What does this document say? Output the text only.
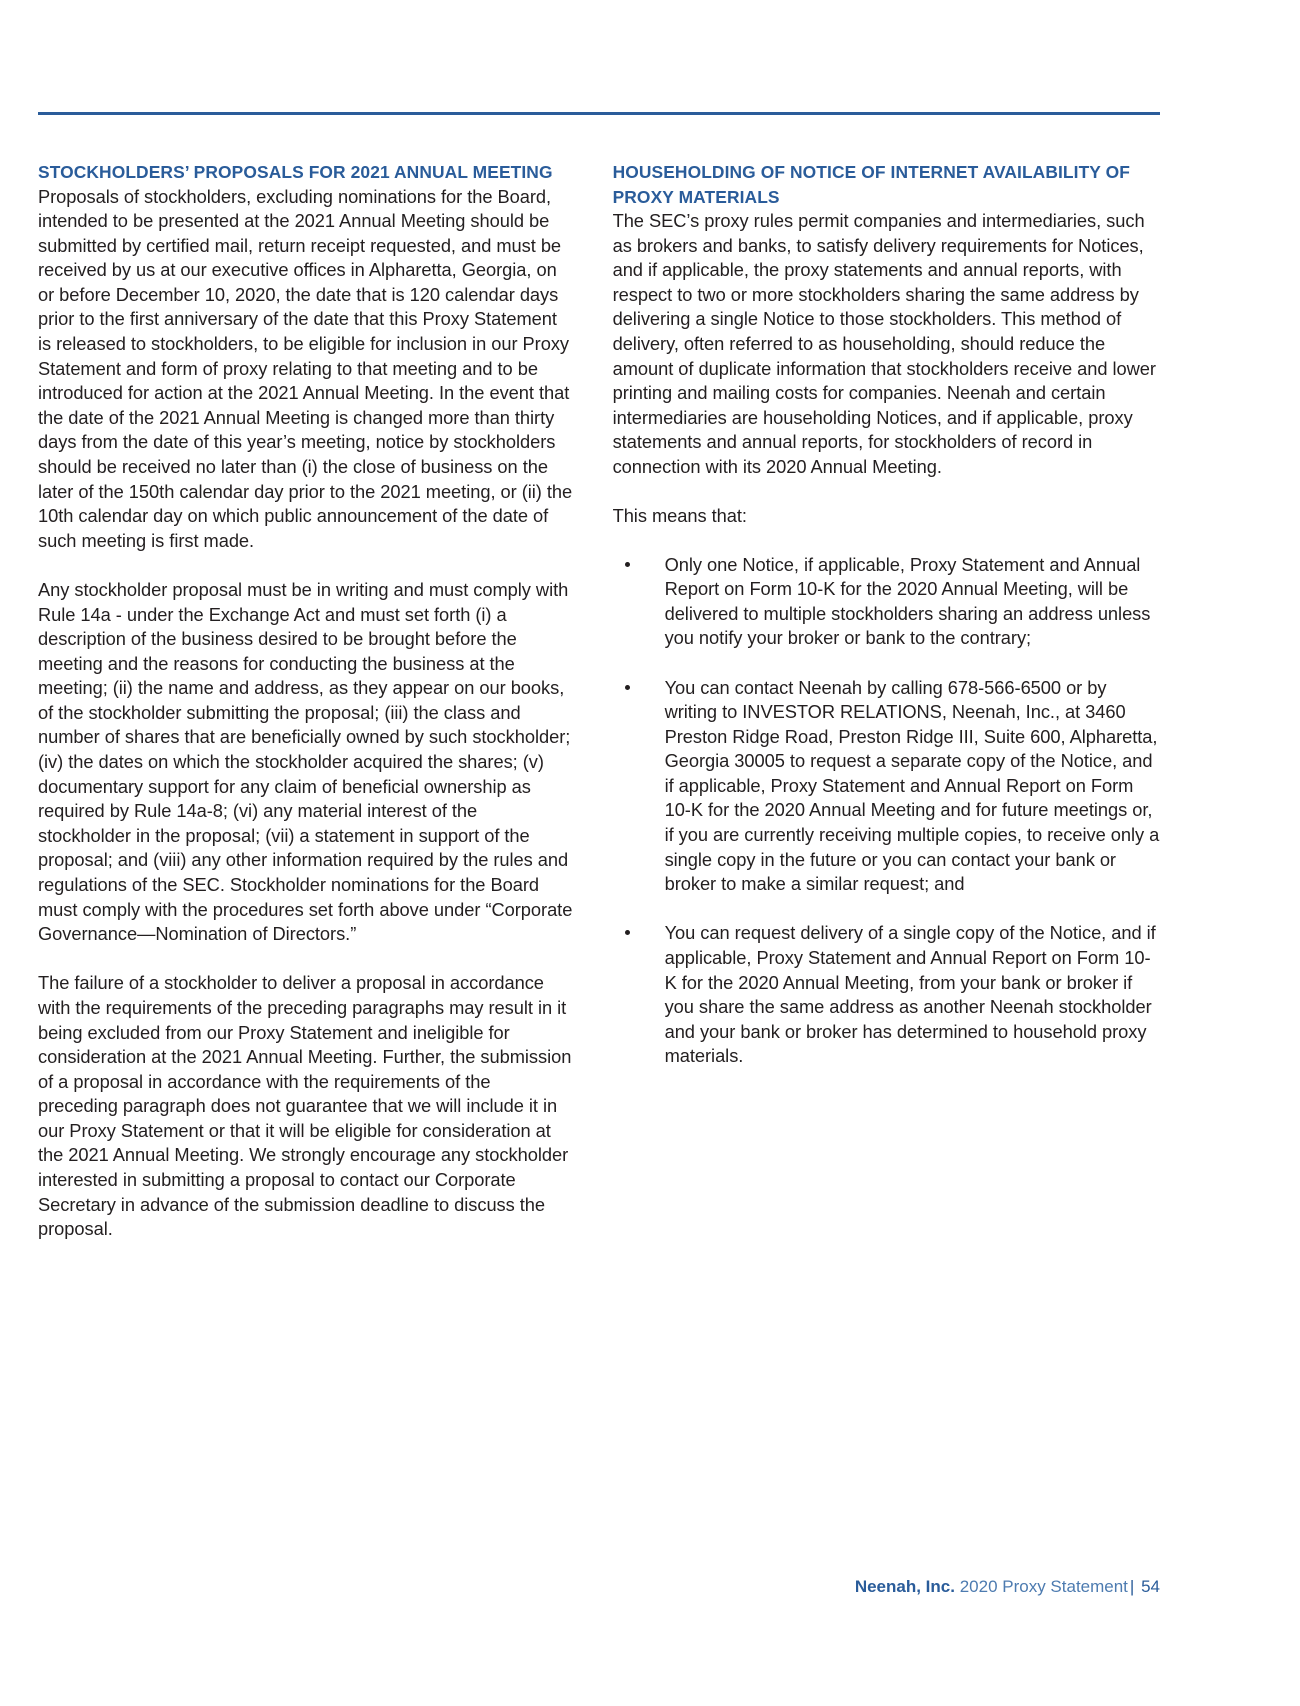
STOCKHOLDERS’ PROPOSALS FOR 2021 ANNUAL MEETING

Proposals of stockholders, excluding nominations for the Board, intended to be presented at the 2021 Annual Meeting should be submitted by certified mail, return receipt requested, and must be received by us at our executive offices in Alpharetta, Georgia, on or before December 10, 2020, the date that is 120 calendar days prior to the first anniversary of the date that this Proxy Statement is released to stockholders, to be eligible for inclusion in our Proxy Statement and form of proxy relating to that meeting and to be introduced for action at the 2021 Annual Meeting. In the event that the date of the 2021 Annual Meeting is changed more than thirty days from the date of this year’s meeting, notice by stockholders should be received no later than (i) the close of business on the later of the 150th calendar day prior to the 2021 meeting, or (ii) the 10th calendar day on which public announcement of the date of such meeting is first made.

Any stockholder proposal must be in writing and must comply with Rule 14a - under the Exchange Act and must set forth (i) a description of the business desired to be brought before the meeting and the reasons for conducting the business at the meeting; (ii) the name and address, as they appear on our books, of the stockholder submitting the proposal; (iii) the class and number of shares that are beneficially owned by such stockholder; (iv) the dates on which the stockholder acquired the shares; (v) documentary support for any claim of beneficial ownership as required by Rule 14a-8; (vi) any material interest of the stockholder in the proposal; (vii) a statement in support of the proposal; and (viii) any other information required by the rules and regulations of the SEC. Stockholder nominations for the Board must comply with the procedures set forth above under “Corporate Governance—Nomination of Directors.”

The failure of a stockholder to deliver a proposal in accordance with the requirements of the preceding paragraphs may result in it being excluded from our Proxy Statement and ineligible for consideration at the 2021 Annual Meeting. Further, the submission of a proposal in accordance with the requirements of the preceding paragraph does not guarantee that we will include it in our Proxy Statement or that it will be eligible for consideration at the 2021 Annual Meeting. We strongly encourage any stockholder interested in submitting a proposal to contact our Corporate Secretary in advance of the submission deadline to discuss the proposal.

HOUSEHOLDING OF NOTICE OF INTERNET AVAILABILITY OF PROXY MATERIALS

The SEC’s proxy rules permit companies and intermediaries, such as brokers and banks, to satisfy delivery requirements for Notices, and if applicable, the proxy statements and annual reports, with respect to two or more stockholders sharing the same address by delivering a single Notice to those stockholders. This method of delivery, often referred to as householding, should reduce the amount of duplicate information that stockholders receive and lower printing and mailing costs for companies. Neenah and certain intermediaries are householding Notices, and if applicable, proxy statements and annual reports, for stockholders of record in connection with its 2020 Annual Meeting.

This means that:

Only one Notice, if applicable, Proxy Statement and Annual Report on Form 10-K for the 2020 Annual Meeting, will be delivered to multiple stockholders sharing an address unless you notify your broker or bank to the contrary;
You can contact Neenah by calling 678-566-6500 or by writing to INVESTOR RELATIONS, Neenah, Inc., at 3460 Preston Ridge Road, Preston Ridge III, Suite 600, Alpharetta, Georgia 30005 to request a separate copy of the Notice, and if applicable, Proxy Statement and Annual Report on Form 10-K for the 2020 Annual Meeting and for future meetings or, if you are currently receiving multiple copies, to receive only a single copy in the future or you can contact your bank or broker to make a similar request; and
You can request delivery of a single copy of the Notice, and if applicable, Proxy Statement and Annual Report on Form 10-K for the 2020 Annual Meeting, from your bank or broker if you share the same address as another Neenah stockholder and your bank or broker has determined to household proxy materials.
Neenah, Inc. 2020 Proxy Statement | 54
